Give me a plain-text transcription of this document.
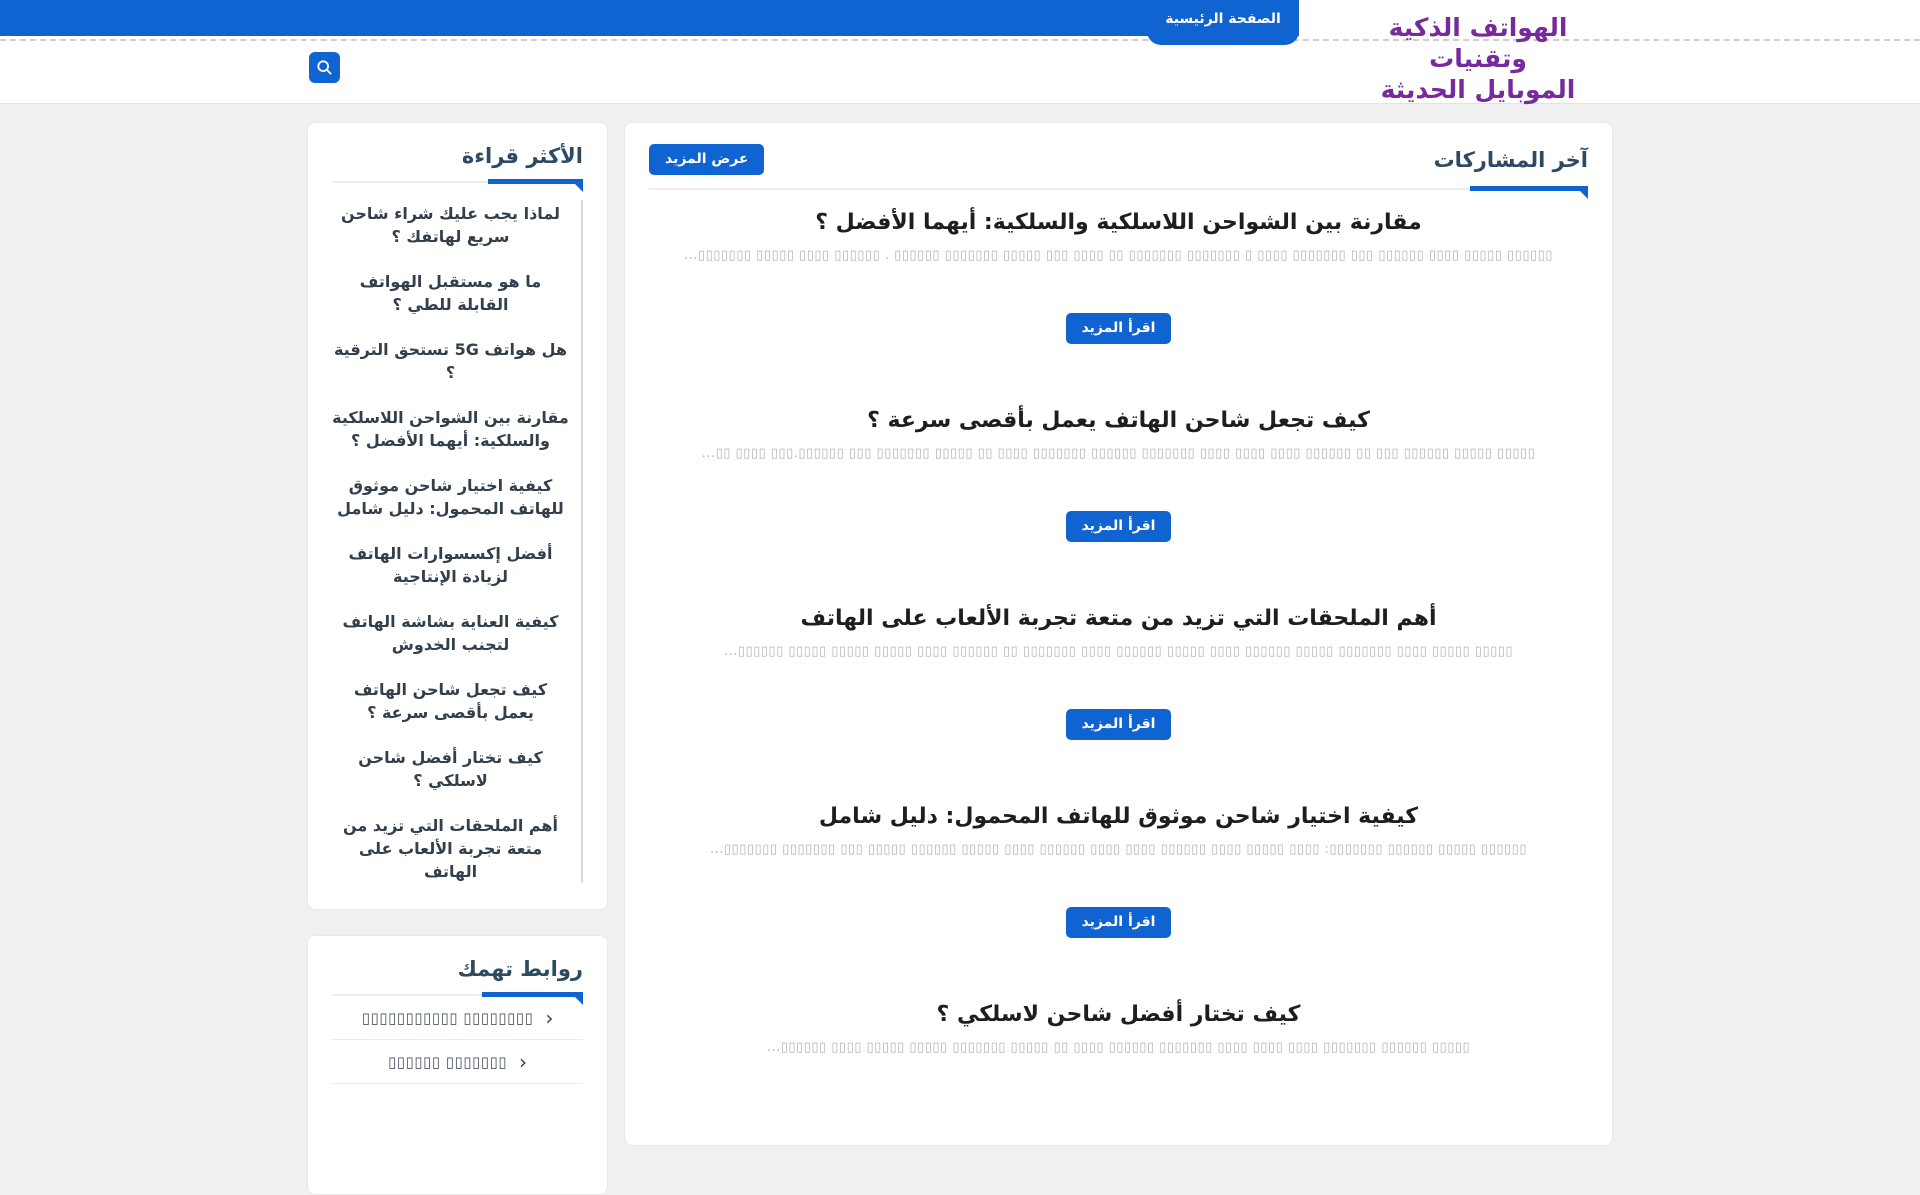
الصفحة الرئيسية	الهواتف الذكية وتقنيات
الموبايل الحديثة
آخر المشاركات
عرض المزيد
مقارنة بين الشواحن اللاسلكية والسلكية: أيهما الأفضل ؟
▯▯▯▯▯▯ ▯▯▯▯▯ ▯▯▯▯ ▯▯▯▯▯▯ ▯▯▯ ▯▯▯▯▯▯▯ ▯▯▯▯ ▯ ▯▯▯▯▯▯▯ ▯▯▯▯▯▯▯ ▯▯ ▯▯▯▯ ▯▯▯ ▯▯▯▯▯ ▯▯▯▯▯▯▯ ▯▯▯▯▯▯ . ▯▯▯▯▯▯ ▯▯▯▯ ▯▯▯▯▯ ▯▯▯▯▯▯▯...
اقرأ المزيد
كيف تجعل شاحن الهاتف يعمل بأقصى سرعة ؟
▯▯▯▯▯ ▯▯▯▯▯ ▯▯▯▯▯▯ ▯▯▯ ▯▯ ▯▯▯▯▯▯ ▯▯▯▯ ▯▯▯▯ ▯▯▯▯ ▯▯▯▯▯▯▯ ▯▯▯▯▯▯ ▯▯▯▯▯▯▯ ▯▯▯▯ ▯▯ ▯▯▯▯▯ ▯▯▯▯▯▯▯ ▯▯▯ ▯▯▯▯▯▯.▯▯▯ ▯▯▯▯ ▯▯...
اقرأ المزيد
أهم الملحقات التي تزيد من متعة تجربة الألعاب على الهاتف
▯▯▯▯▯ ▯▯▯▯▯ ▯▯▯▯ ▯▯▯▯▯▯▯ ▯▯▯▯▯ ▯▯▯▯▯▯ ▯▯▯▯ ▯▯▯▯▯ ▯▯▯▯▯▯ ▯▯▯▯ ▯▯▯▯▯▯▯ ▯▯ ▯▯▯▯▯▯ ▯▯▯▯ ▯▯▯▯▯ ▯▯▯▯▯ ▯▯▯▯▯ ▯▯▯▯▯▯...
اقرأ المزيد
كيفية اختيار شاحن موثوق للهاتف المحمول: دليل شامل
▯▯▯▯▯▯ ▯▯▯▯▯ ▯▯▯▯▯▯ ▯▯▯▯▯▯▯: ▯▯▯▯ ▯▯▯▯▯ ▯▯▯▯ ▯▯▯▯▯▯ ▯▯▯▯ ▯▯▯▯ ▯▯▯▯▯▯ ▯▯▯▯ ▯▯▯▯▯ ▯▯▯▯▯▯ ▯▯▯▯▯ ▯▯▯ ▯▯▯▯▯▯▯ ▯▯▯▯▯▯▯...
اقرأ المزيد
كيف تختار أفضل شاحن لاسلكي ؟
▯▯▯▯▯ ▯▯▯▯▯▯ ▯▯▯▯▯▯▯ ▯▯▯▯ ▯▯▯▯ ▯▯▯▯ ▯▯▯▯▯▯▯ ▯▯▯▯▯▯ ▯▯▯▯ ▯▯ ▯▯▯▯▯ ▯▯▯▯▯▯▯ ▯▯▯▯▯ ▯▯▯▯▯ ▯▯▯▯ ▯▯▯▯▯▯...
الأكثر قراءة
لماذا يجب عليك شراء شاحن سريع لهاتفك ؟
ما هو مستقبل الهواتف القابلة للطي ؟
هل هواتف 5G تستحق الترقية ؟
مقارنة بين الشواحن اللاسلكية والسلكية: أيهما الأفضل ؟
كيفية اختيار شاحن موثوق للهاتف المحمول: دليل شامل
أفضل إكسسوارات الهاتف لزيادة الإنتاجية
كيفية العناية بشاشة الهاتف لتجنب الخدوش
كيف تجعل شاحن الهاتف يعمل بأقصى سرعة ؟
كيف تختار أفضل شاحن لاسلكي ؟
أهم الملحقات التي تزيد من متعة تجربة الألعاب على الهاتف
روابط تهمك
‹
▯▯▯▯▯▯▯▯ ▯▯▯▯▯▯▯▯▯▯▯
‹
▯▯▯▯▯▯▯ ▯▯▯▯▯▯
